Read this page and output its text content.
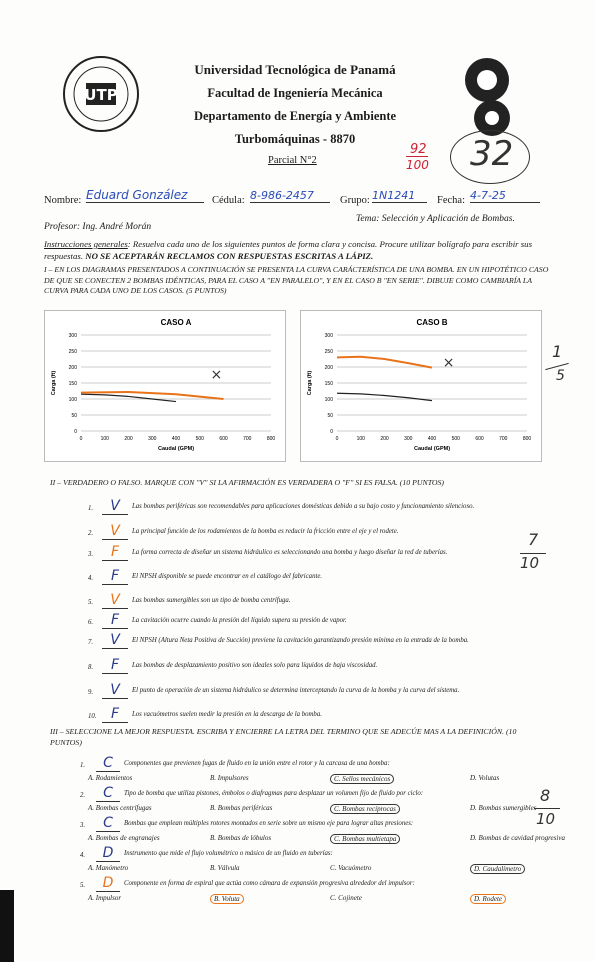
UTP
Universidad Tecnológica de Panamá
Facultad de Ingeniería Mecánica
Departamento de Energía y Ambiente
Turbomáquinas - 8870
Parcial N°2
92
100 32
Nombre: Eduard González	Cédula: 8-986-2457	Grupo: 1N1241	Fecha: 4-7-25
Profesor: Ing. André Morán
Tema: Selección y Aplicación de Bombas.
Instrucciones generales: Resuelva cada uno de los siguientes puntos de forma clara y concisa. Procure utilizar bolígrafo para escribir sus respuestas. NO SE ACEPTARÁN RECLAMOS CON RESPUESTAS ESCRITAS A LÁPIZ.
I – EN LOS DIAGRAMAS PRESENTADOS A CONTINUACIÓN SE PRESENTA LA CURVA CARÁCTERÍSTICA DE UNA BOMBA. EN UN HIPOTÉTICO CASO DE QUE SE CONECTEN 2 BOMBAS IDÉNTICAS, PARA EL CASO A "EN PARALELO", Y EN EL CASO B "EN SERIE". DIBUJE COMO CAMBIARÍA LA CURVA PARA CADA UNO DE LOS CASOS. (5 PUNTOS)
CASO A
0
50
100
150
200
250
300
0	100	200	300	400	500	600	700	800
Caudal (GPM)
Carga (ft)	×
CASO B
0
50
100
150
200
250
300
0	100	200	300	400	500	600	700	800
Caudal (GPM)
Carga (ft)
×
1
5
II – VERDADERO O FALSO. MARQUE CON "V" SI LA AFIRMACIÓN ES VERDADERA O "F" SI ES FALSA. (10 PUNTOS)
1.	V	Las bombas periféricas son recomendables para aplicaciones domésticas debido a su bajo costo y funcionamiento silencioso.
2.	V	La principal función de los rodamientos de la bomba es reducir la fricción entre el eje y el rodete.
3.	F	La forma correcta de diseñar un sistema hidráulico es seleccionando una bomba y luego diseñar la red de tuberías.
4.	F	El NPSH disponible se puede encontrar en el catálogo del fabricante.
5.	V	Las bombas sumergibles son un tipo de bomba centrífuga.
6.	F	La cavitación ocurre cuando la presión del líquido supera su presión de vapor.
7.	V	El NPSH (Altura Neta Positiva de Succión) previene la cavitación garantizando presión mínima en la entrada de la bomba.
8.	F	Las bombas de desplazamiento positivo son ideales solo para líquidos de baja viscosidad.
9.	V	El punto de operación de un sistema hidráulico se determina interceptando la curva de la bomba y la curva del sistema.
10.	F	Los vacuómetros suelen medir la presión en la descarga de la bomba.
7
10
III – SELECCIONE LA MEJOR RESPUESTA. ESCRIBA Y ENCIERRE LA LETRA DEL TERMINO QUE SE ADECÚE MAS A LA DEFINICIÓN. (10 PUNTOS)
1.	C	Componentes que previenen fugas de fluido en la unión entre el rotor y la carcasa de una bomba:
A. Rodamientos	B. Impulsores	C. Sellos mecánicos	D. Volutas
2.	C	Tipo de bomba que utiliza pistones, émbolos o diafragmas para desplazar un volumen fijo de fluido por ciclo:
A. Bombas centrífugas	B. Bombas periféricas	C. Bombas recíprocas	D. Bombas sumergibles
3.	C	Bombas que emplean múltiples rotores montados en serie sobre un mismo eje para lograr altas presiones:
A. Bombas de engranajes	B. Bombas de lóbulos	C. Bombas multietapa	D. Bombas de cavidad progresiva
4.	D	Instrumento que mide el flujo volumétrico o másico de un fluido en tuberías:
A. Manómetro	B. Válvula	C. Vacuómetro	D. Caudalímetro
5.	D	Componente en forma de espiral que actúa como cámara de expansión progresiva alrededor del impulsor:
A. Impulsor	B. Voluta	C. Cojinete	D. Rodete
8
10
